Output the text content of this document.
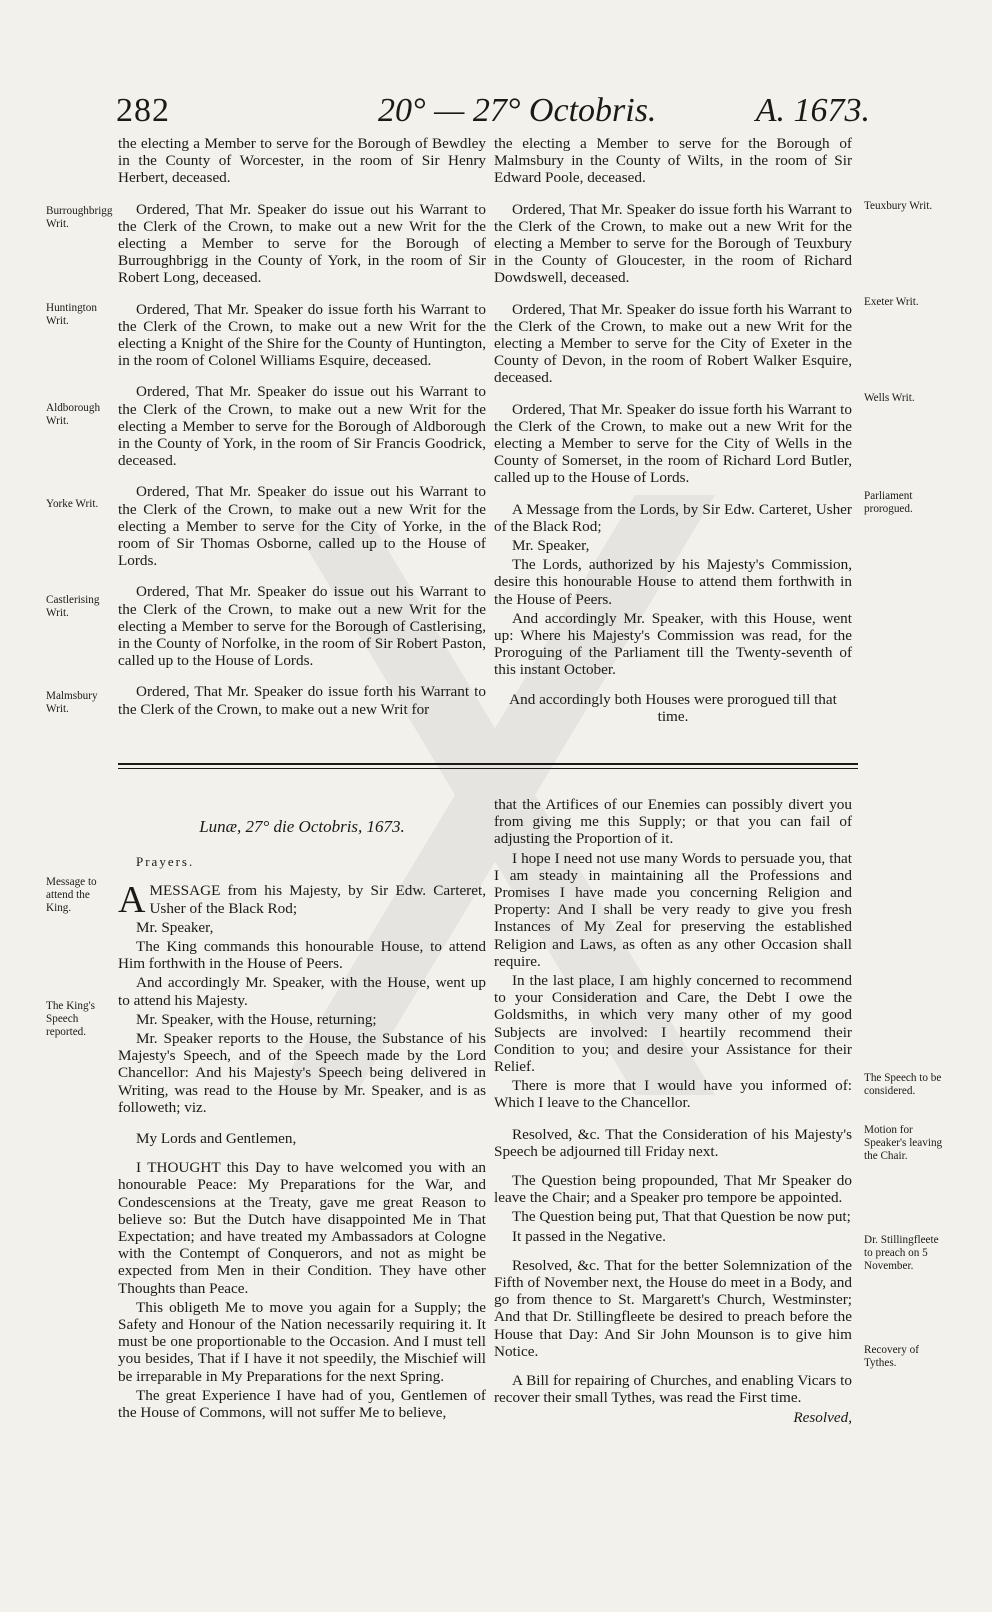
282	20° — 27° Octobris.	A. 1673.

the electing a Member to serve for the Borough of Bewdley in the County of Worcester, in the room of Sir Henry Herbert, deceased.

Ordered, That Mr. Speaker do issue out his Warrant to the Clerk of the Crown, to make out a new Writ for the electing a Member to serve for the Borough of Burroughbrigg in the County of York, in the room of Sir Robert Long, deceased.

Ordered, That Mr. Speaker do issue forth his Warrant to the Clerk of the Crown, to make out a new Writ for the electing a Knight of the Shire for the County of Huntington, in the room of Colonel Williams Esquire, deceased.

Ordered, That Mr. Speaker do issue out his Warrant to the Clerk of the Crown, to make out a new Writ for the electing a Member to serve for the Borough of Aldborough in the County of York, in the room of Sir Francis Goodrick, deceased.

Ordered, That Mr. Speaker do issue out his Warrant to the Clerk of the Crown, to make out a new Writ for the electing a Member to serve for the City of Yorke, in the room of Sir Thomas Osborne, called up to the House of Lords.

Ordered, That Mr. Speaker do issue out his Warrant to the Clerk of the Crown, to make out a new Writ for the electing a Member to serve for the Borough of Castlerising, in the County of Norfolke, in the room of Sir Robert Paston, called up to the House of Lords.

Ordered, That Mr. Speaker do issue forth his Warrant to the Clerk of the Crown, to make out a new Writ for

the electing a Member to serve for the Borough of Malmsbury in the County of Wilts, in the room of Sir Edward Poole, deceased.

Ordered, That Mr. Speaker do issue forth his Warrant to the Clerk of the Crown, to make out a new Writ for the electing a Member to serve for the Borough of Teuxbury in the County of Gloucester, in the room of Richard Dowdswell, deceased.

Ordered, That Mr. Speaker do issue forth his Warrant to the Clerk of the Crown, to make out a new Writ for the electing a Member to serve for the City of Exeter in the County of Devon, in the room of Robert Walker Esquire, deceased.

Ordered, That Mr. Speaker do issue forth his Warrant to the Clerk of the Crown, to make out a new Writ for the electing a Member to serve for the City of Wells in the County of Somerset, in the room of Richard Lord Butler, called up to the House of Lords.

A Message from the Lords, by Sir Edw. Carteret, Usher of the Black Rod;

Mr. Speaker,

The Lords, authorized by his Majesty's Commission, desire this honourable House to attend them forthwith in the House of Peers.

And accordingly Mr. Speaker, with this House, went up: Where his Majesty's Commission was read, for the Proroguing of the Parliament till the Twenty-seventh of this instant October.

And accordingly both Houses were prorogued till that time.

Burroughbrigg Writ.
Huntington Writ.
Aldborough Writ.
Yorke Writ.
Castlerising Writ.
Malmsbury Writ.
Teuxbury Writ.
Exeter Writ.
Wells Writ.
Parliament prorogued.
Lunæ, 27° die Octobris, 1673.

Prayers.

AMESSAGE from his Majesty, by Sir Edw. Carteret, Usher of the Black Rod;

Mr. Speaker,

The King commands this honourable House, to attend Him forthwith in the House of Peers.

And accordingly Mr. Speaker, with the House, went up to attend his Majesty.

Mr. Speaker, with the House, returning;

Mr. Speaker reports to the House, the Substance of his Majesty's Speech, and of the Speech made by the Lord Chancellor: And his Majesty's Speech being delivered in Writing, was read to the House by Mr. Speaker, and is as followeth; viz.

My Lords and Gentlemen,

I THOUGHT this Day to have welcomed you with an honourable Peace: My Preparations for the War, and Condescensions at the Treaty, gave me great Reason to believe so: But the Dutch have disappointed Me in That Expectation; and have treated my Ambassadors at Cologne with the Contempt of Conquerors, and not as might be expected from Men in their Condition. They have other Thoughts than Peace.

This obligeth Me to move you again for a Supply; the Safety and Honour of the Nation necessarily requiring it. It must be one proportionable to the Occasion. And I must tell you besides, That if I have it not speedily, the Mischief will be irreparable in My Preparations for the next Spring.

The great Experience I have had of you, Gentlemen of the House of Commons, will not suffer Me to believe,

that the Artifices of our Enemies can possibly divert you from giving me this Supply; or that you can fail of adjusting the Proportion of it.

I hope I need not use many Words to persuade you, that I am steady in maintaining all the Professions and Promises I have made you concerning Religion and Property: And I shall be very ready to give you fresh Instances of My Zeal for preserving the established Religion and Laws, as often as any other Occasion shall require.

In the last place, I am highly concerned to recommend to your Consideration and Care, the Debt I owe the Goldsmiths, in which very many other of my good Subjects are involved: I heartily recommend their Condition to you; and desire your Assistance for their Relief.

There is more that I would have you informed of: Which I leave to the Chancellor.

Resolved, &c. That the Consideration of his Majesty's Speech be adjourned till Friday next.

The Question being propounded, That Mr Speaker do leave the Chair; and a Speaker pro tempore be appointed.

The Question being put, That that Question be now put;

It passed in the Negative.

Resolved, &c. That for the better Solemnization of the Fifth of November next, the House do meet in a Body, and go from thence to St. Margarett's Church, Westminster; And that Dr. Stillingfleete be desired to preach before the House that Day: And Sir John Mounson is to give him Notice.

A Bill for repairing of Churches, and enabling Vicars to recover their small Tythes, was read the First time.

Resolved,

Message to attend the King.
The King's Speech reported.
The Speech to be considered.
Motion for Speaker's leaving the Chair.
Dr. Stillingfleete to preach on 5 November.
Recovery of Tythes.
